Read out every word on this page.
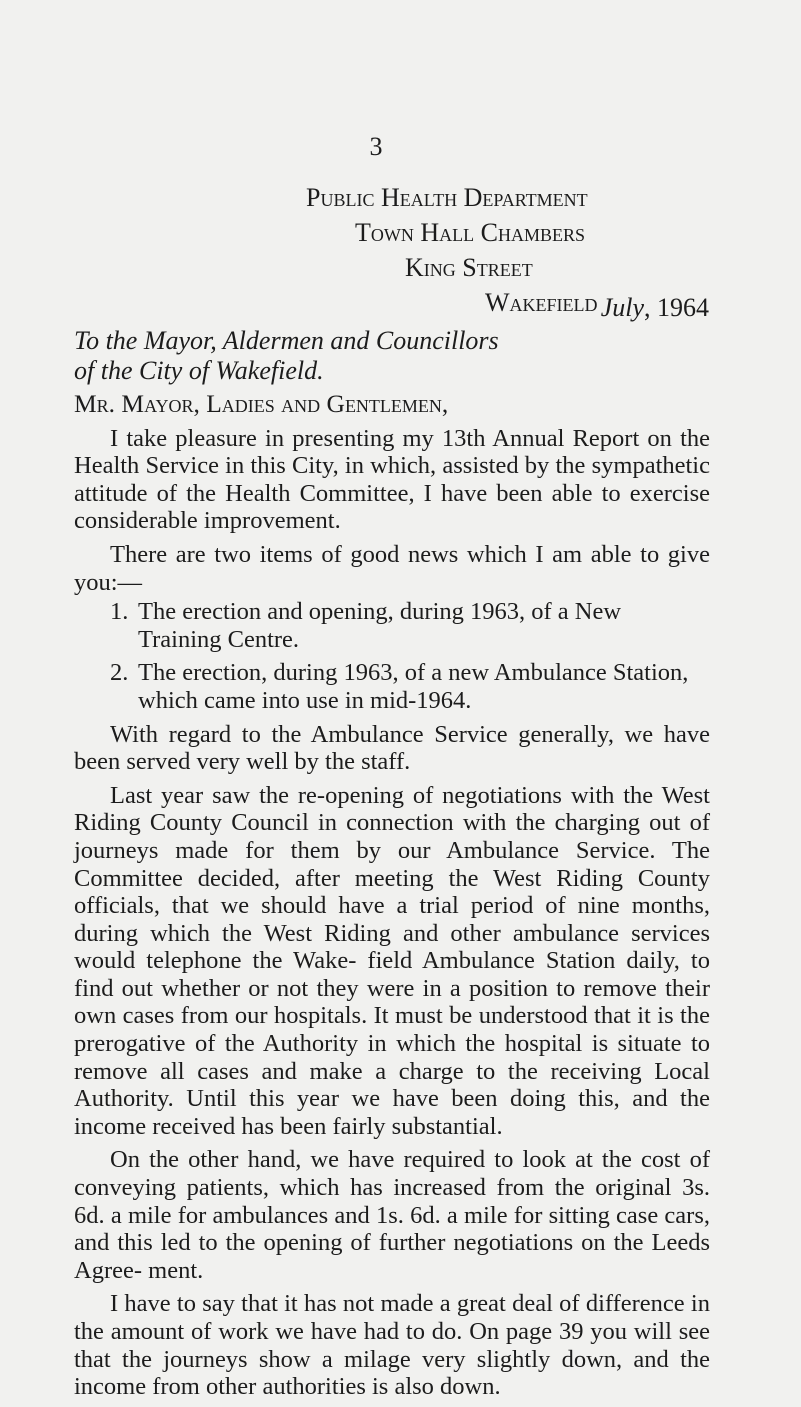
3
Public Health Department
Town Hall Chambers
King Street
Wakefield July, 1964
To the Mayor, Aldermen and Councillors
of the City of Wakefield.
Mr. Mayor, Ladies and Gentlemen,

I take pleasure in presenting my 13th Annual Report on the Health Service in this City, in which, assisted by the sympathetic attitude of the Health Committee, I have been able to exercise considerable improvement.

There are two items of good news which I am able to give you:—

1. The erection and opening, during 1963, of a New Training Centre.
2. The erection, during 1963, of a new Ambulance Station, which came into use in mid-1964.

With regard to the Ambulance Service generally, we have been served very well by the staff.

Last year saw the re-opening of negotiations with the West Riding County Council in connection with the charging out of journeys made for them by our Ambulance Service. The Committee decided, after meeting the West Riding County officials, that we should have a trial period of nine months, during which the West Riding and other ambulance services would telephone the Wake- field Ambulance Station daily, to find out whether or not they were in a position to remove their own cases from our hospitals. It must be understood that it is the prerogative of the Authority in which the hospital is situate to remove all cases and make a charge to the receiving Local Authority. Until this year we have been doing this, and the income received has been fairly substantial.

On the other hand, we have required to look at the cost of conveying patients, which has increased from the original 3s. 6d. a mile for ambulances and 1s. 6d. a mile for sitting case cars, and this led to the opening of further negotiations on the Leeds Agree- ment.

I have to say that it has not made a great deal of difference in the amount of work we have had to do. On page 39 you will see that the journeys show a milage very slightly down, and the income from other authorities is also down.
